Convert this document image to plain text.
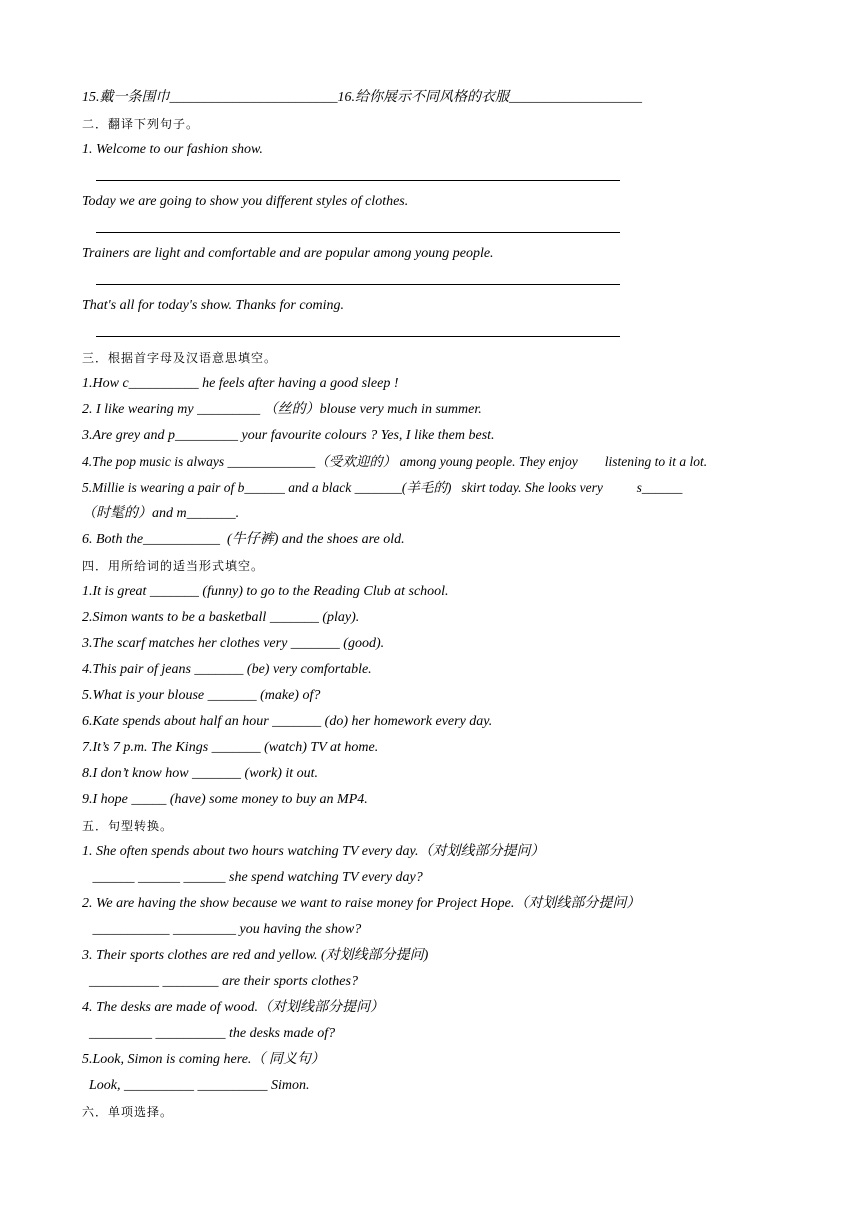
15.戴一条围巾________________________16.给你展示不同风格的衣服___________________
二．翻译下列句子。
1. Welcome to our fashion show.
Today we are going to show you different styles of clothes.
Trainers are light and comfortable and are popular among young people.
That's all for today's show. Thanks for coming.
三．根据首字母及汉语意思填空。
1.How c__________ he feels after having a good sleep !
2. I like wearing my _________ （丝的）blouse very much in summer.
3.Are grey and p_________ your favourite colours ? Yes, I like them best.
4.The pop music is always _____________（受欢迎的） among young people. They enjoy        listening to it a lot.
5.Millie is wearing a pair of b______ and a black _______(羊毛的)   skirt today. She looks very          s______
（时髦的）and m_______.
6. Both the___________  (牛仔裤) and the shoes are old.
四．用所给词的适当形式填空。
1.It is great _______ (funny) to go to the Reading Club at school.
2.Simon wants to be a basketball _______ (play).
3.The scarf matches her clothes very _______ (good).
4.This pair of jeans _______ (be) very comfortable.
5.What is your blouse _______ (make) of?
6.Kate spends about half an hour _______ (do) her homework every day.
7.It’s 7 p.m. The Kings _______ (watch) TV at home.
8.I don’t know how _______ (work) it out.
9.I hope _____ (have) some money to buy an MP4.
五．句型转换。
1. She often spends about two hours watching TV every day.（对划线部分提问）
______ ______ ______ she spend watching TV every day?
2. We are having the show because we want to raise money for Project Hope.（对划线部分提问）
___________ _________ you having the show?
3. Their sports clothes are red and yellow. (对划线部分提问)
__________ ________ are their sports clothes?
4. The desks are made of wood.（对划线部分提问）
_________ __________ the desks made of?
5.Look, Simon is coming here.（ 同义句）
Look, __________ __________ Simon.
六．单项选择。
